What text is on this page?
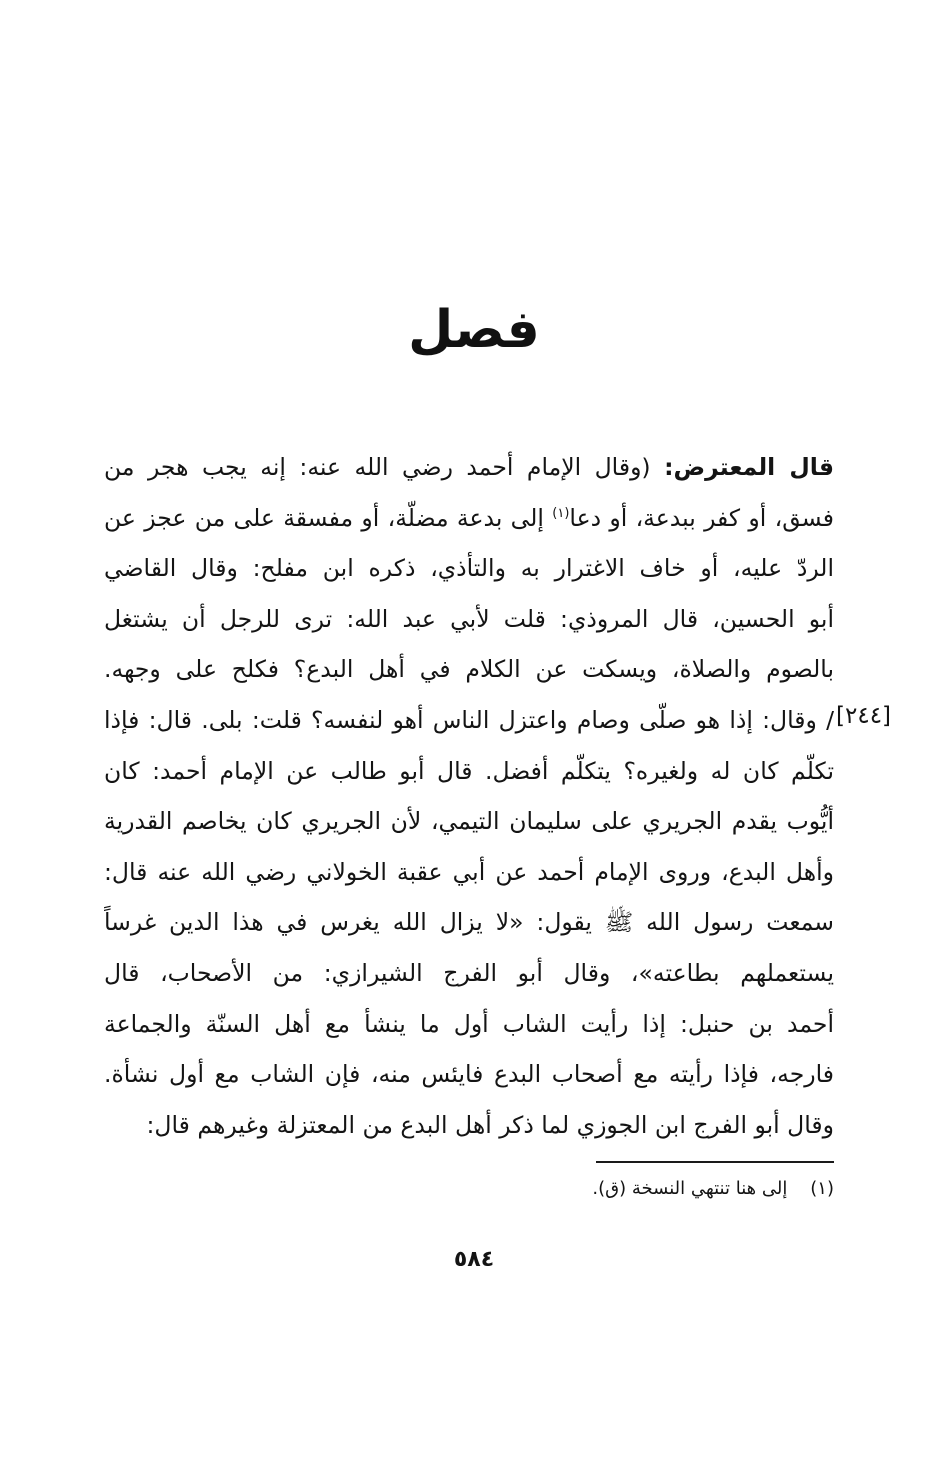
فصل
[٢٤٤]
قال المعترض: (وقال الإمام أحمد رضي الله عنه: إنه يجب هجر من
فسق، أو كفر ببدعة، أو دعا$^{(١)}$ إلى بدعة مضلّة، أو مفسقة على من عجز عن
الردّ عليه، أو خاف الاغترار به والتأذي، ذكره ابن مفلح: وقال القاضي
أبو الحسين، قال المروذي: قلت لأبي عبد الله: ترى للرجل أن يشتغل
بالصوم والصلاة، ويسكت عن الكلام في أهل البدع؟ فكلح على وجهه.
/ وقال: إذا هو صلّى وصام واعتزل الناس أهو لنفسه؟ قلت: بلى. قال: فإذا
تكلّم كان له ولغيره؟ يتكلّم أفضل. قال أبو طالب عن الإمام أحمد: كان
أيُّوب يقدم الجريري على سليمان التيمي، لأن الجريري كان يخاصم القدرية
وأهل البدع، وروى الإمام أحمد عن أبي عقبة الخولاني رضي الله عنه قال:
سمعت رسول الله ﷺ يقول: «لا يزال الله يغرس في هذا الدين غرساً
يستعملهم بطاعته»، وقال أبو الفرج الشيرازي: من الأصحاب، قال
أحمد بن حنبل: إذا رأيت الشاب أول ما ينشأ مع أهل السنّة والجماعة
فارجه، فإذا رأيته مع أصحاب البدع فايئس منه، فإن الشاب مع أول نشأة.
وقال أبو الفرج ابن الجوزي لما ذكر أهل البدع من المعتزلة وغيرهم قال:
(١)    إلى هنا تنتهي النسخة (ق).
٥٨٤
